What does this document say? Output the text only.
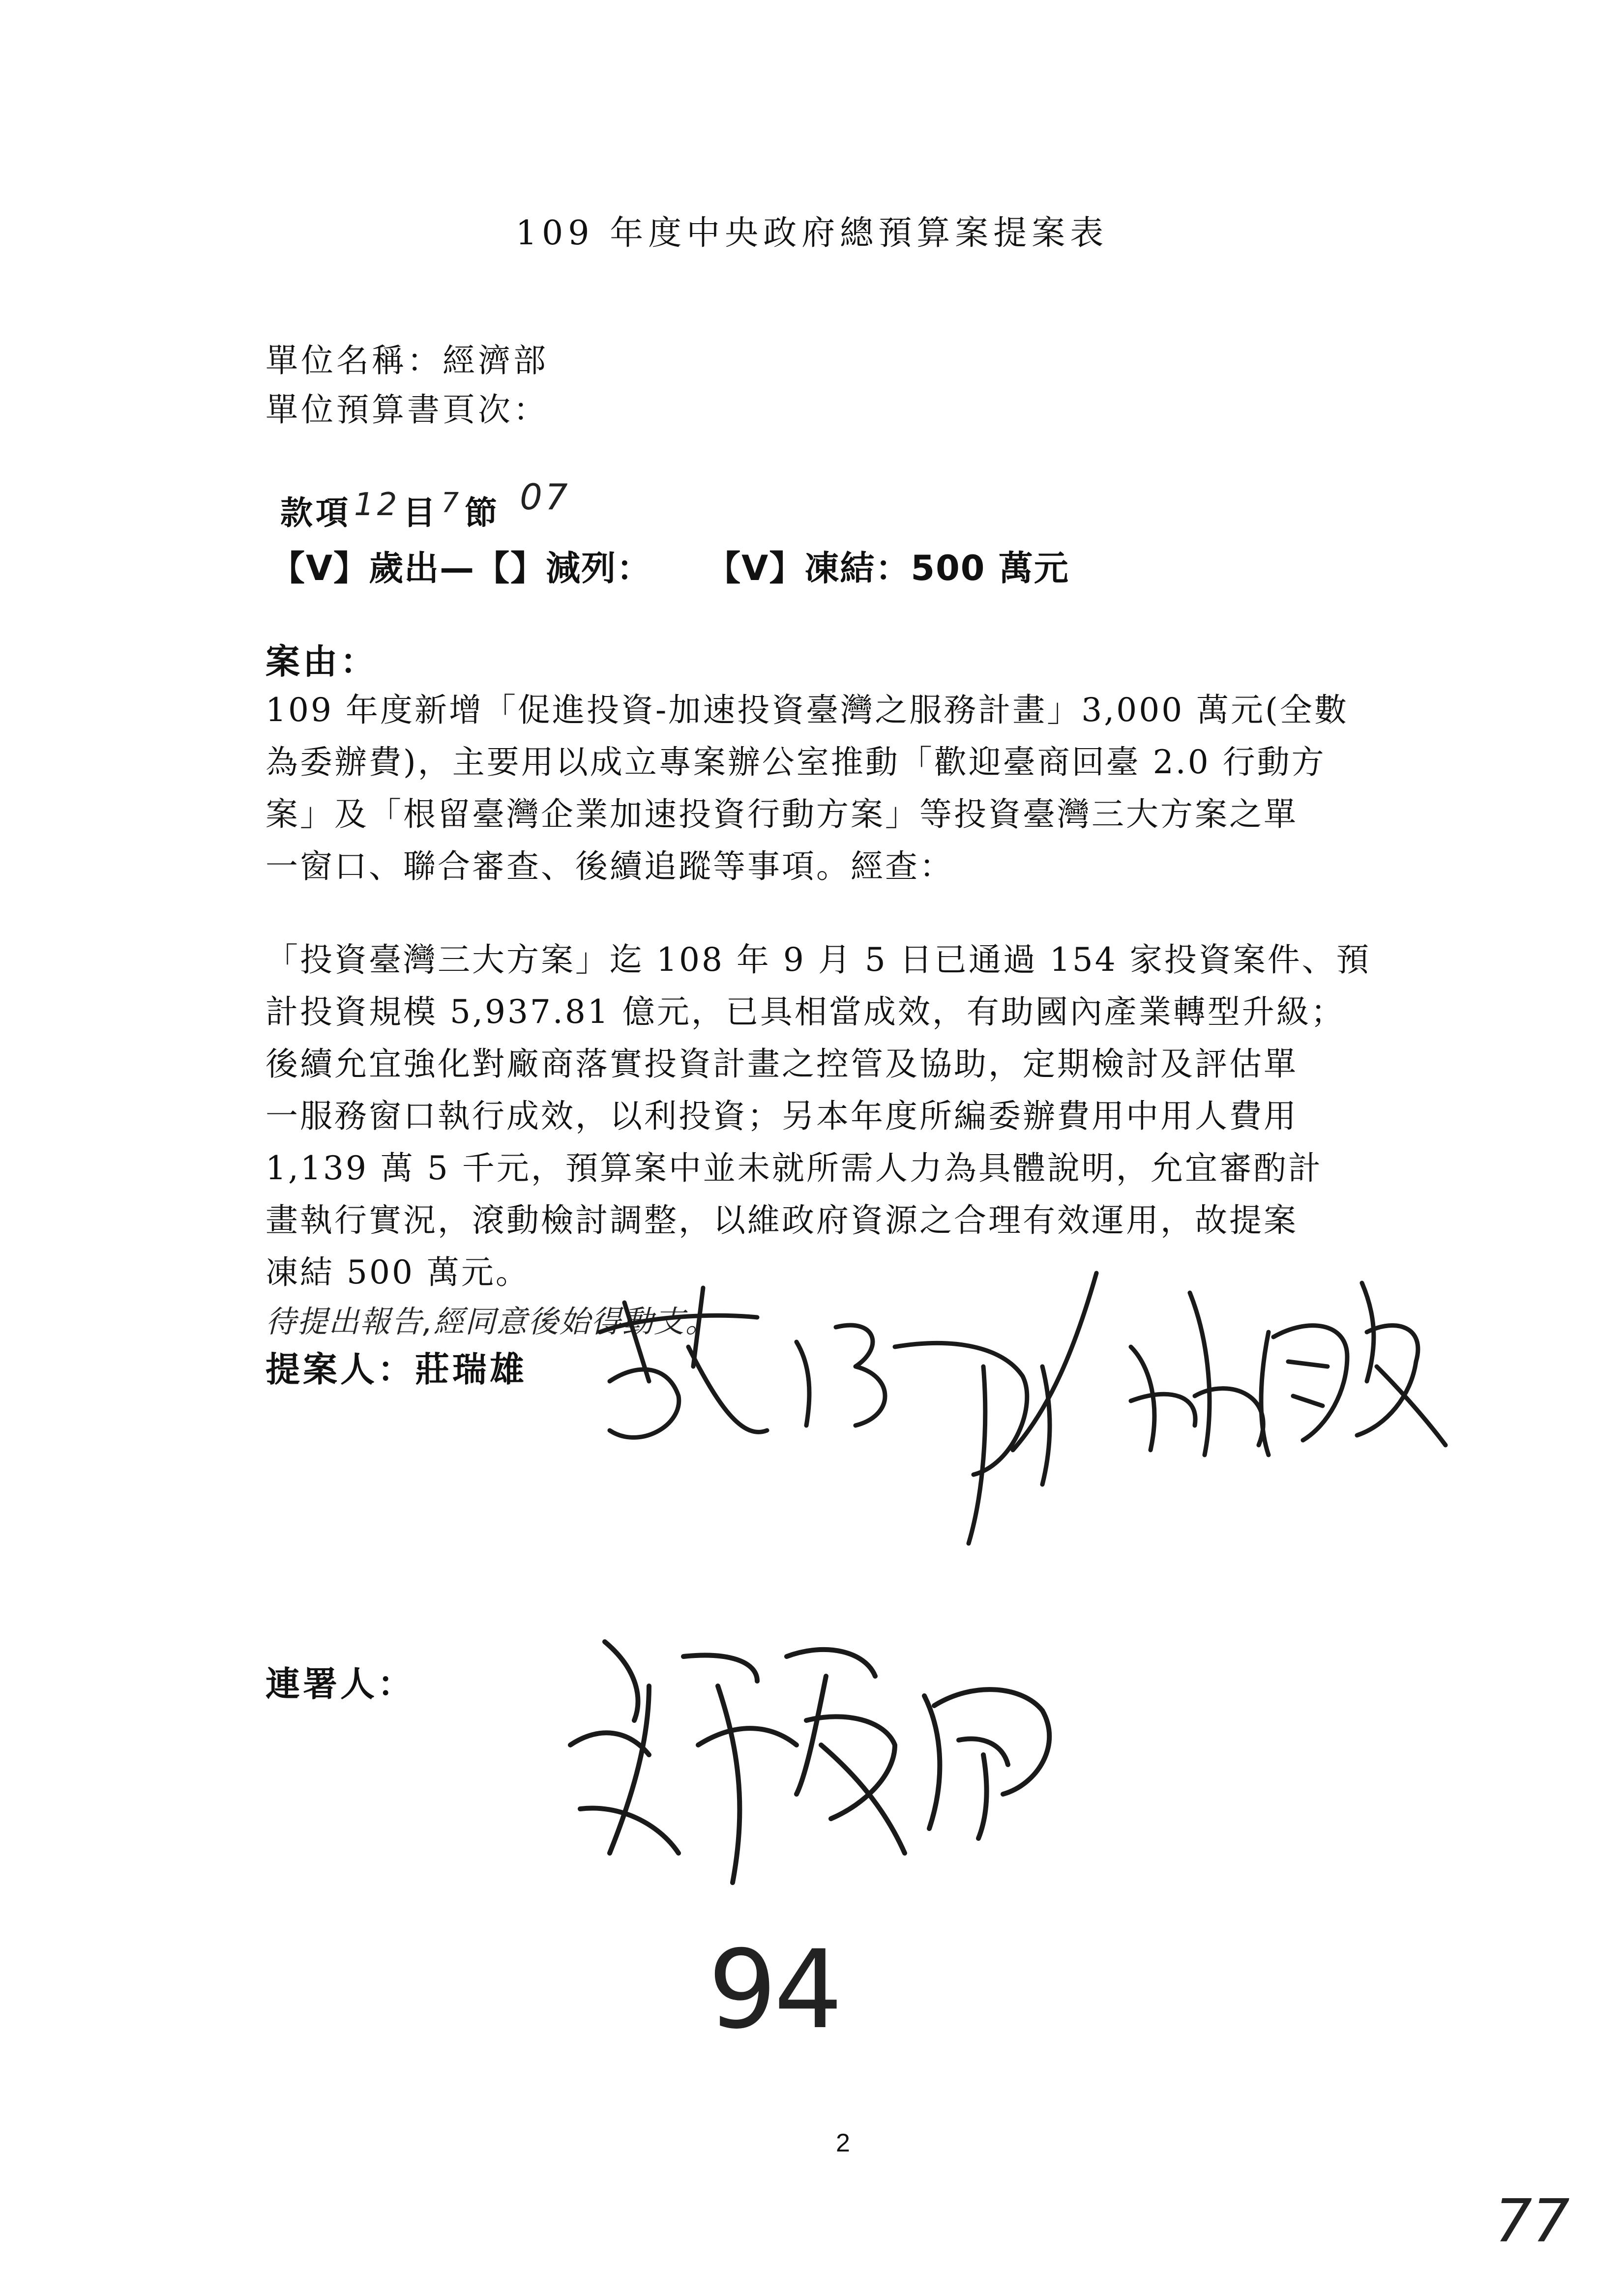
109 年度中央政府總預算案提案表
單位名稱：經濟部
單位預算書頁次：
款項12目 $^7$節 07
【V】歲出—【】減列： 【V】凍結：500 萬元
案由：
109 年度新增「促進投資-加速投資臺灣之服務計畫」3,000 萬元(全數
為委辦費)，主要用以成立專案辦公室推動「歡迎臺商回臺 2.0 行動方
案」及「根留臺灣企業加速投資行動方案」等投資臺灣三大方案之單
一窗口、聯合審查、後續追蹤等事項。經查：
「投資臺灣三大方案」迄 108 年 9 月 5 日已通過 154 家投資案件、預
計投資規模 5,937.81 億元，已具相當成效，有助國內產業轉型升級；
後續允宜強化對廠商落實投資計畫之控管及協助，定期檢討及評估單
一服務窗口執行成效，以利投資；另本年度所編委辦費用中用人費用
1,139 萬 5 千元，預算案中並未就所需人力為具體說明，允宜審酌計
畫執行實況，滾動檢討調整，以維政府資源之合理有效運用，故提案
凍結 500 萬元。
待提出報告,經同意後始得動支。
提案人：莊瑞雄
連署人：
94
2
77
